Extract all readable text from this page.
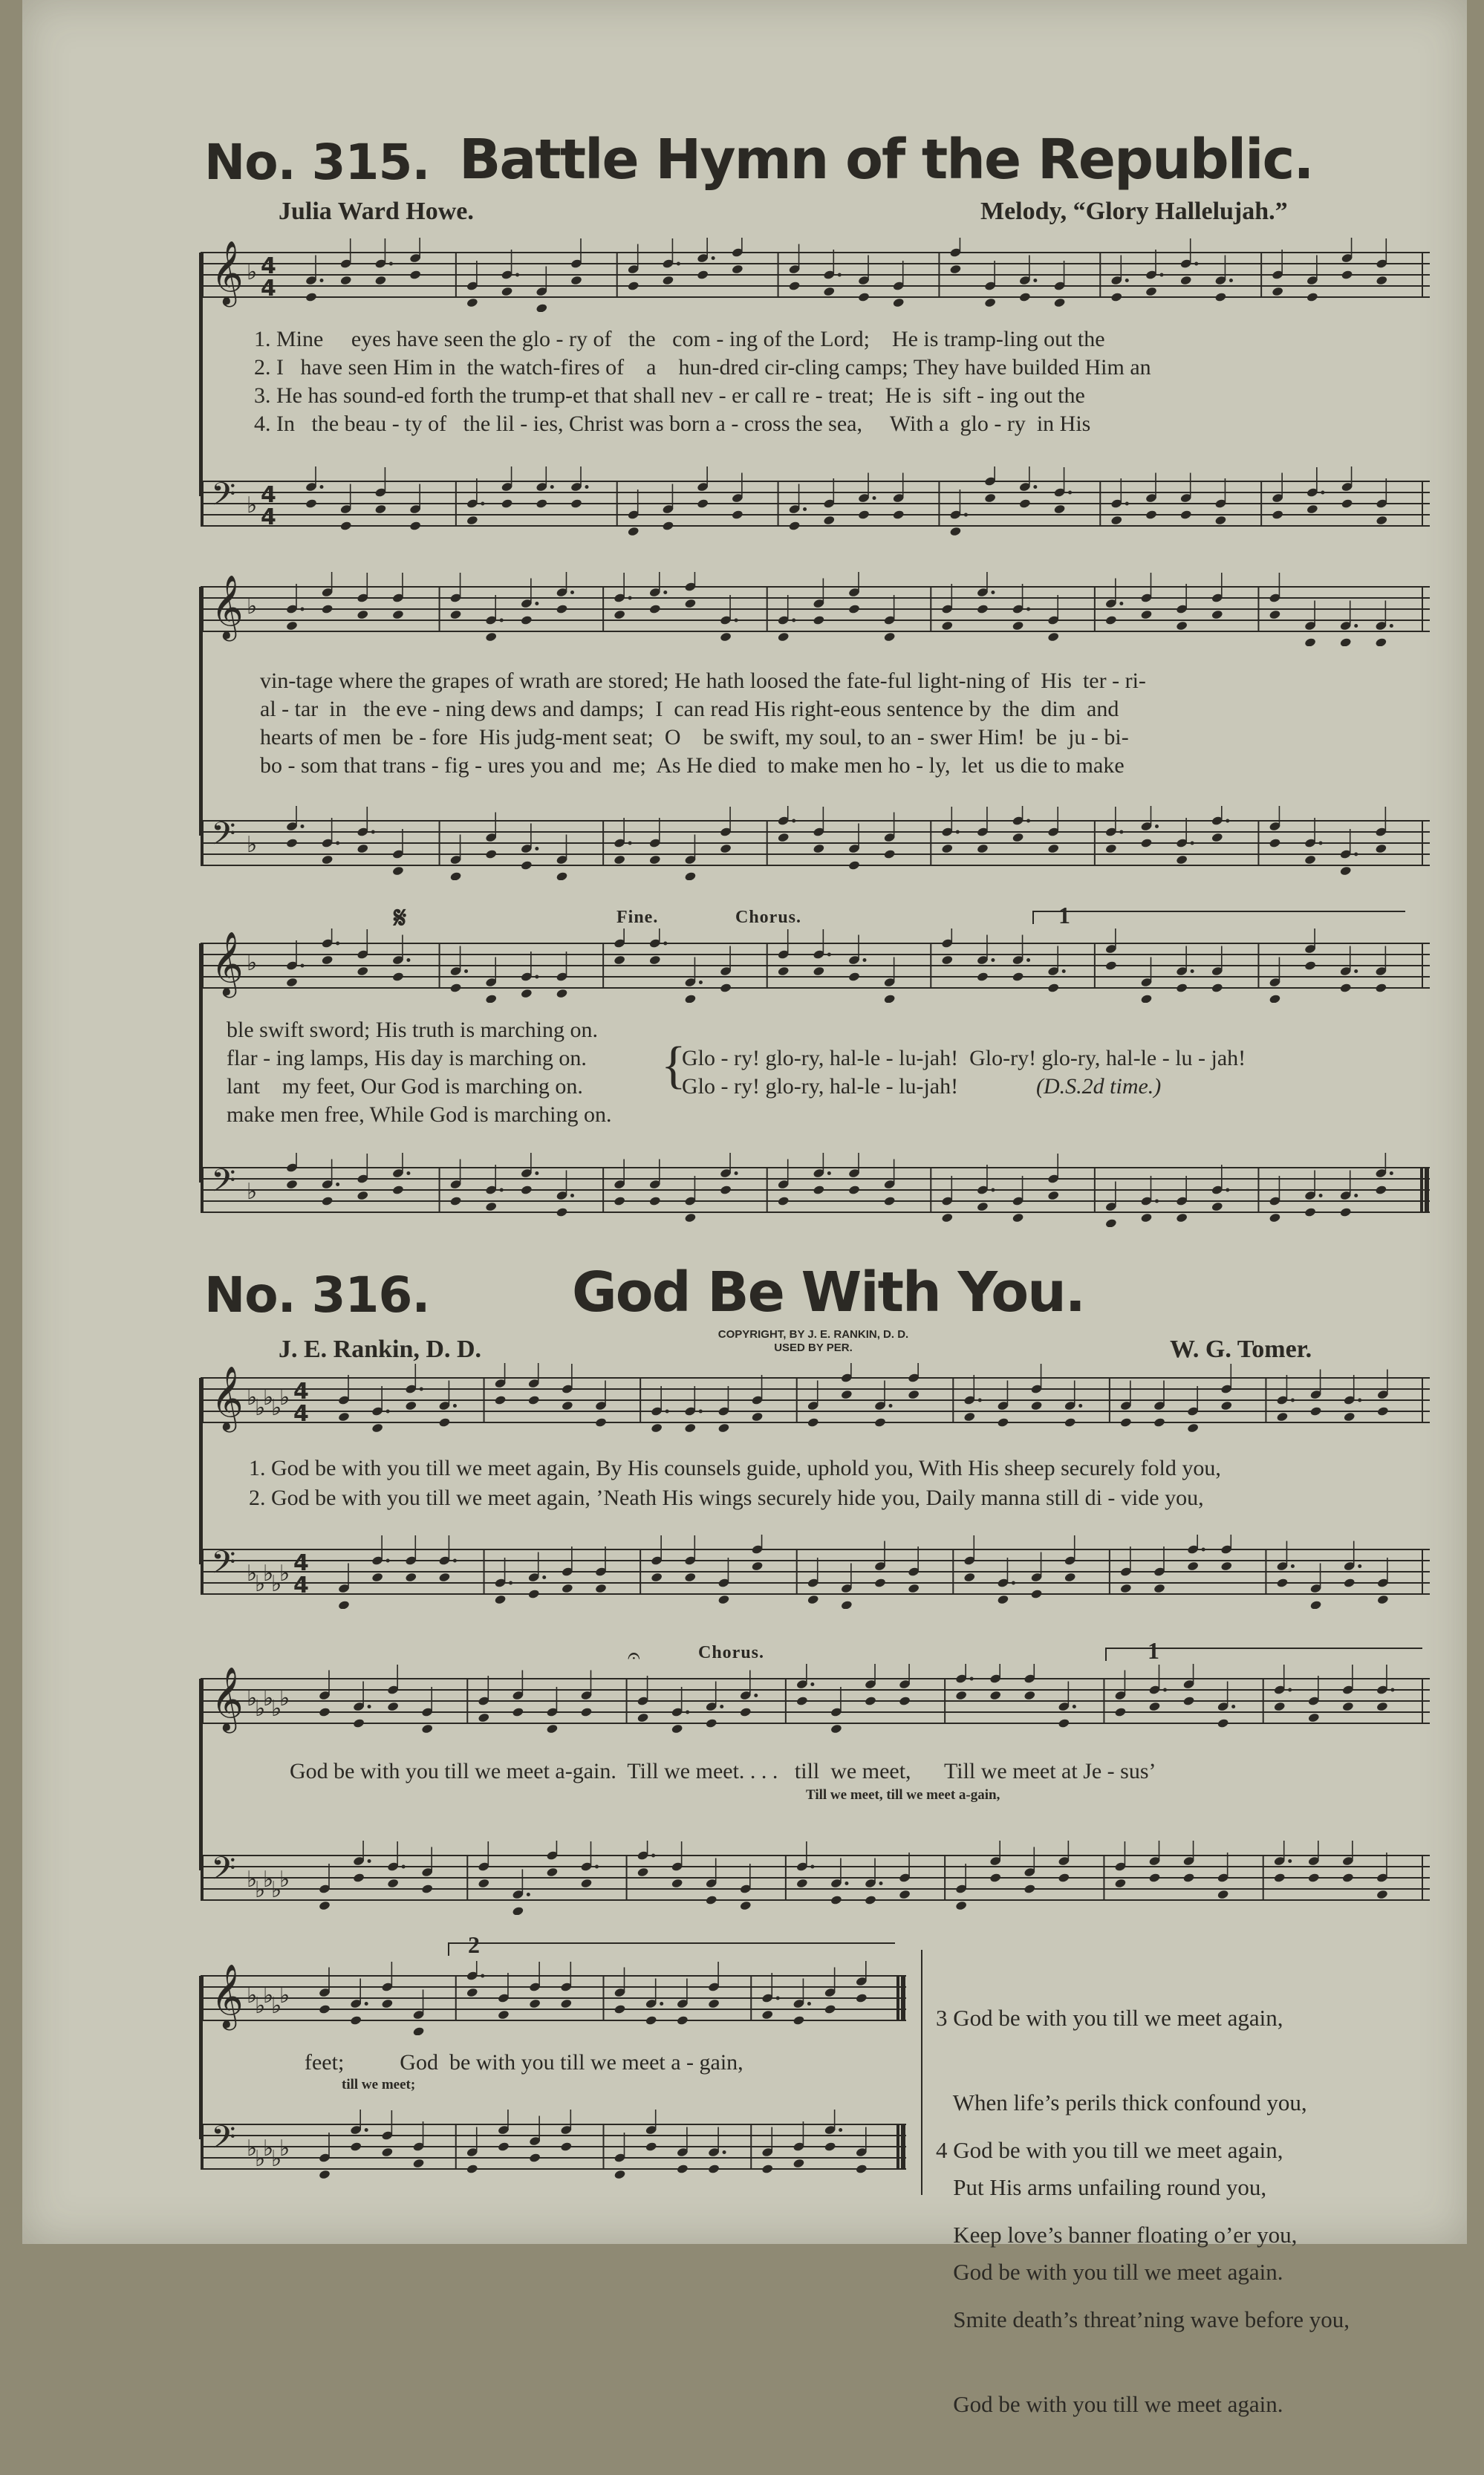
No. 315. Battle Hymn of the Republic.
Julia Ward Howe.	Melody, “Glory Hallelujah.”
𝄞 ♭ 4
4
1. Mine     eyes have seen the glo - ry of   the   com - ing of the Lord;    He is tramp-ling out the
2. I   have seen Him in  the watch-fires of    a    hun-dred cir-cling camps; They have builded Him an
3. He has sound-ed forth the trump-et that shall nev - er call re - treat;  He is  sift - ing out the
4. In   the beau - ty of   the lil - ies, Christ was born a - cross the sea,     With a  glo - ry  in His
𝄢 ♭ 4
4
𝄞 ♭
vin-tage where the grapes of wrath are stored; He hath loosed the fate-ful light-ning of  His  ter - ri-
al - tar  in   the eve - ning dews and damps;  I  can read His right-eous sentence by  the  dim  and
hearts of men  be - fore  His judg-ment seat;  O    be swift, my soul, to an - swer Him!  be  ju - bi-
bo - som that trans - fig - ures you and  me;  As He died  to make men ho - ly,  let  us die to make
𝄢 ♭
𝄋	Fine.	Chorus.	1
𝄞 ♭
ble swift sword; His truth is marching on.
flar - ing lamps, His day is marching on.
lant    my feet, Our God is marching on.
make men free, While God is marching on.
{
Glo - ry! glo-ry, hal-le - lu-jah!  Glo-ry! glo-ry, hal-le - lu - jah!
Glo - ry! glo-ry, hal-le - lu-jah!	(D.S.2d time.)
𝄢 ♭
No. 316.	God Be With You.
J. E. Rankin, D. D.
COPYRIGHT, BY J. E. RANKIN, D. D.
USED BY PER.	W. G. Tomer.
𝄞 ♭
♭
♭
♭
♭ 4
4
1. God be with you till we meet again, By His counsels guide, uphold you, With His sheep securely fold you,
2. God be with you till we meet again, ’Neath His wings securely hide you, Daily manna still di - vide you,
𝄢 ♭
♭
♭
♭
♭ 4
4
Chorus.
𝄐	1
𝄞 ♭
♭
♭
♭
♭
God be with you till we meet a-gain.  Till we meet. . . .   till  we meet,      Till we meet at Je - sus’
Till we meet, till we meet a-gain,
𝄢 ♭
♭
♭
♭
♭
2
𝄞 ♭
♭
♭
♭
♭
feet;          God  be with you till we meet a - gain,
till we meet;
𝄢 ♭
♭
♭
♭
♭

3 God be with you till we meet again,

When life’s perils thick confound you,

Put His arms unfailing round you,

God be with you till we meet again.

4 God be with you till we meet again,

Keep love’s banner floating o’er you,

Smite death’s threat’ning wave before you,

God be with you till we meet again.
